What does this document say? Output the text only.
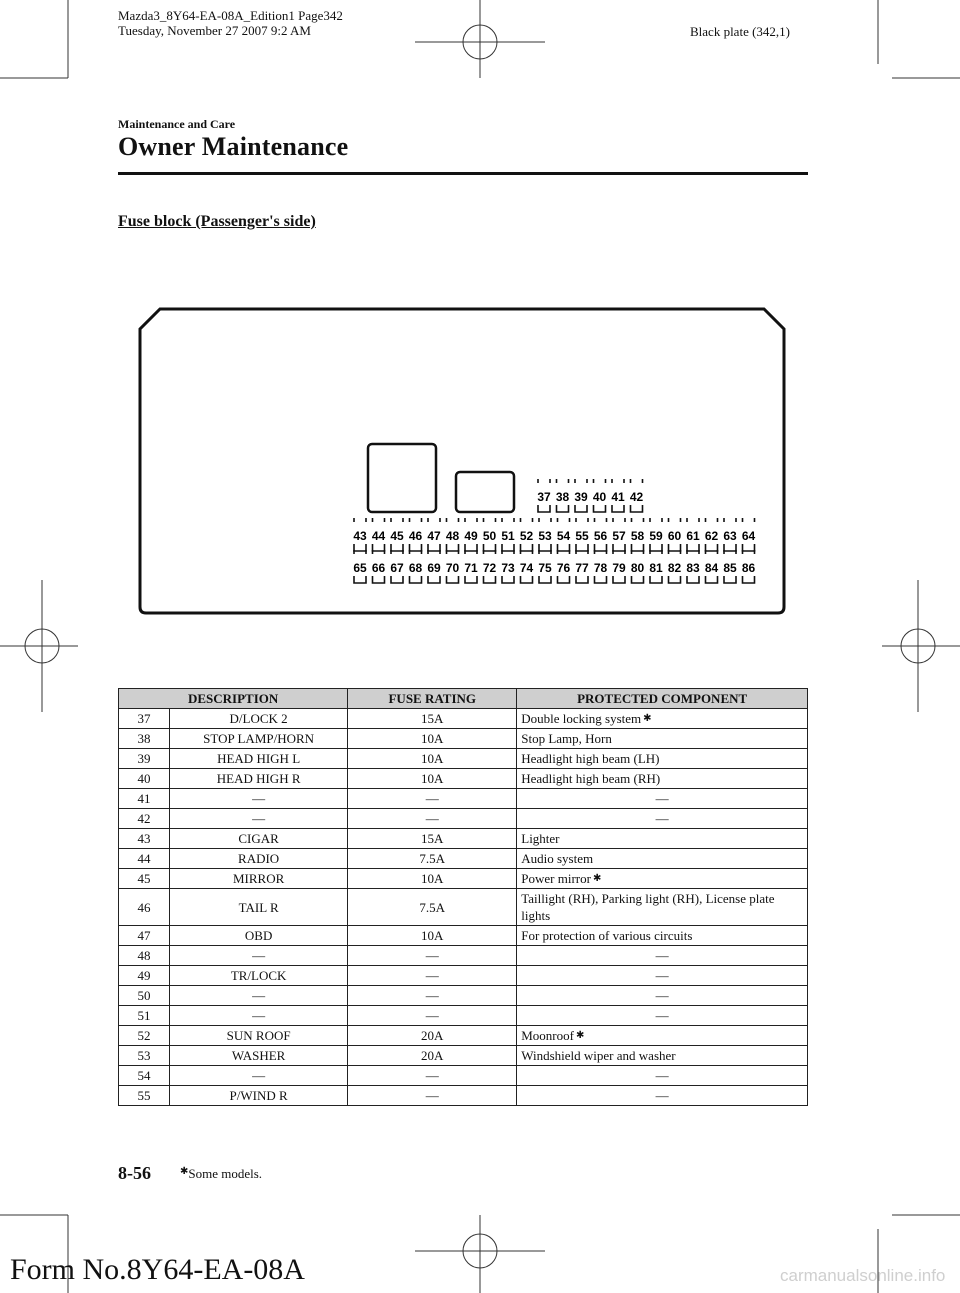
Mazda3_8Y64-EA-08A_Edition1 Page342
Tuesday, November 27 2007 9:2 AM	Black plate (342,1)
Maintenance and Care
Owner Maintenance
Fuse block (Passenger's side)
37 38 39 40 41 42
43 44 45 46 47 48 49 50 51 52 53 54 55 56 57 58 59 60 61 62 63 64
65 66 67 68 69 70 71 72 73 74 75 76 77 78 79 80 81 82 83 84 85 86
DESCRIPTION		FUSE RATING	PROTECTED COMPONENT
37	D/LOCK 2	15A	Double locking system ✱
38	STOP LAMP/HORN	10A	Stop Lamp, Horn
39	HEAD HIGH L	10A	Headlight high beam (LH)
40	HEAD HIGH R	10A	Headlight high beam (RH)
41	―	―	―
42	―	―	―
43	CIGAR	15A	Lighter
44	RADIO	7.5A	Audio system
45	MIRROR	10A	Power mirror ✱
46	TAIL R	7.5A	Taillight (RH), Parking light (RH), License plate lights
47	OBD	10A	For protection of various circuits
48	―	―	―
49	TR/LOCK	―	―
50	―	―	―
51	―	―	―
52	SUN ROOF	20A	Moonroof ✱
53	WASHER	20A	Windshield wiper and washer
54	―	―	―
55	P/WIND R	―	―
8-56	✱Some models.
Form No.8Y64-EA-08A	carmanualsonline.info
